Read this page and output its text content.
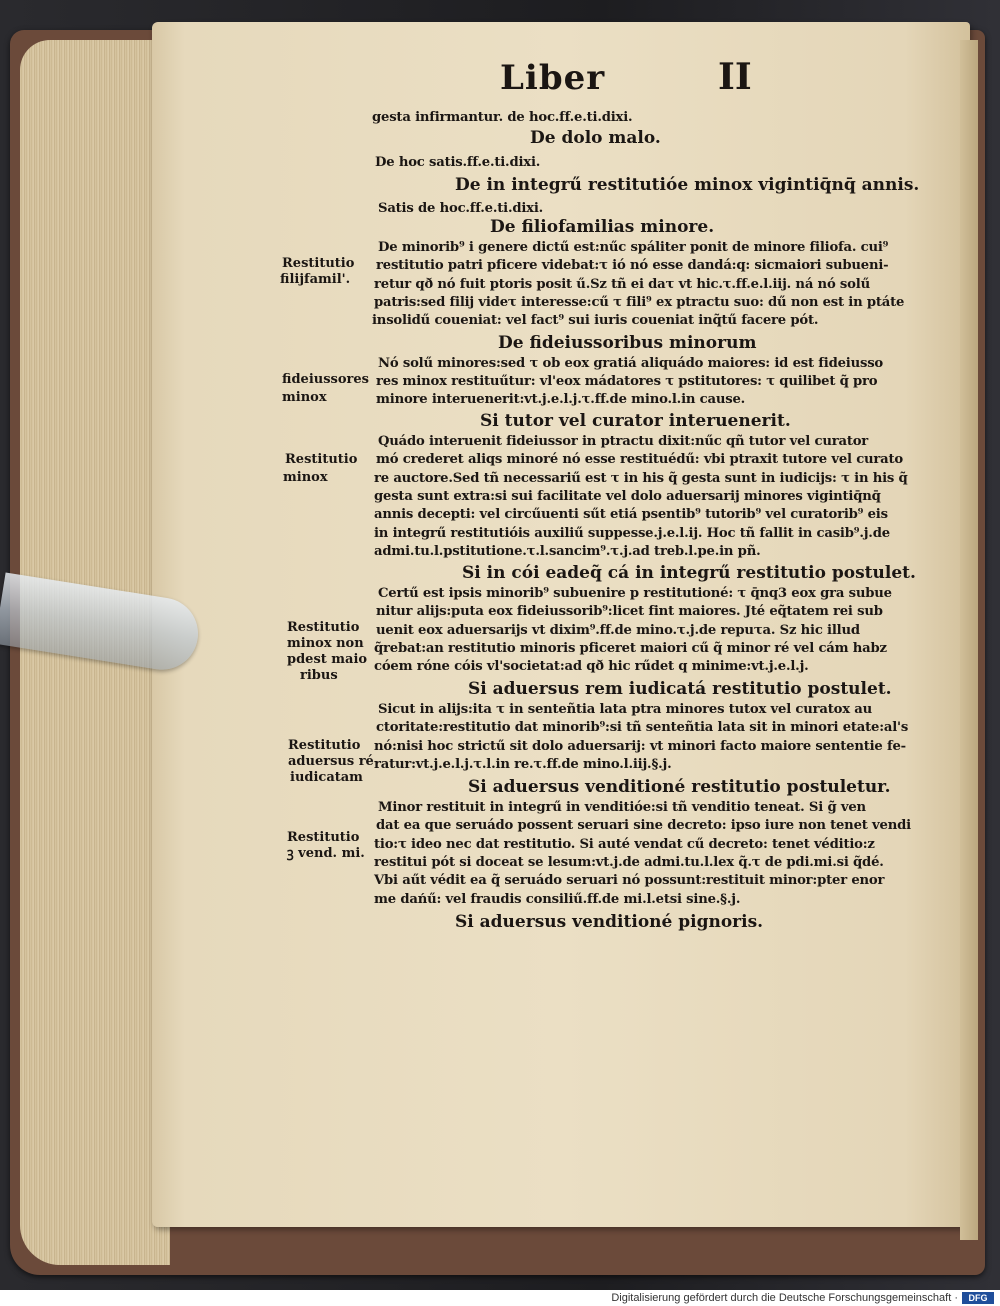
Liber	II
gesta infirmantur. de hoc.ff.e.ti.dixi.
De dolo malo.
De hoc satis.ff.e.ti.dixi.
De in integrű restitutióe minox vigintiq̄nq̄ annis.
Satis de hoc.ff.e.ti.dixi.
De filiofamilias minore.
De minorib⁹ i genere dictű est:nűc spáliter ponit de minore filiofa. cui⁹
restitutio patri pficere videbat:τ ió nó esse dandá:q: sicmaiori subueni-
retur qð nó fuit ptoris posit ű.Sz tñ ei daτ vt hic.τ.ff.e.l.iij. ná nó solű
patris:sed filij videτ interesse:cű τ fili⁹ ex ptractu suo: dű non est in ptáte
insolidű coueniat: vel fact⁹ sui iuris coueniat inq̃tű facere pót.
De fideiussoribus minorum
Nó solű minores:sed τ ob eox gratiá aliquádo maiores: id est fideiusso
res minox restituűtur: vl'eox mádatores τ pstitutores: τ quilibet q̃ pro
minore interuenerit:vt.j.e.l.j.τ.ff.de mino.l.in cause.
Si tutor vel curator interuenerit.
Quádo interuenit fideiussor in ptractu dixit:nűc qñ tutor vel curator
mó crederet aliqs minoré nó esse restituédű: vbi ptraxit tutore vel curato
re auctore.Sed tñ necessariű est τ in his q̃ gesta sunt in iudicijs: τ in his q̃
gesta sunt extra:si sui facilitate vel dolo aduersarij minores vigintiq̄nq̄
annis decepti: vel circűuenti sűt etiá psentib⁹ tutorib⁹ vel curatorib⁹ eis
in integrű restitutióis auxiliű suppesse.j.e.l.ij. Hoc tñ fallit in casib⁹.j.de
admi.tu.l.pstitutione.τ.l.sancim⁹.τ.j.ad treb.l.pe.in pñ.
Si in cói eadeq̃ cá in integrű restitutio postulet.
Certű est ipsis minorib⁹ subuenire p restitutioné: τ q̄nq3 eox gra subue
nitur alijs:puta eox fideiussorib⁹:licet fint maiores. Jté eq̃tatem rei sub
uenit eox aduersarijs vt dixim⁹.ff.de mino.τ.j.de repuτa. Sz hic illud
q̃rebat:an restitutio minoris pficeret maiori cű q̃ minor ré vel cám habz
cóem róne cóis vl'societat:ad qð hic rűdet q minime:vt.j.e.l.j.
Si aduersus rem iudicatá restitutio postulet.
Sicut in alijs:ita τ in senteñtia lata ptra minores tutox vel curatox au
ctoritate:restitutio dat minorib⁹:si tñ senteñtia lata sit in minori etate:al's
nó:nisi hoc strictű sit dolo aduersarij: vt minori facto maiore sententie fe-
ratur:vt.j.e.l.j.τ.l.in re.τ.ff.de mino.l.iij.§.j.
Si aduersus venditioné restitutio postuletur.
Minor restituit in integrű in venditióe:si tñ venditio teneat. Si g̃ ven
dat ea que seruádo possent seruari sine decreto: ipso iure non tenet vendi
tio:τ ideo nec dat restitutio. Si auté vendat cű decreto: tenet véditio:z
restitui pót si doceat se lesum:vt.j.de admi.tu.l.lex q̃.τ de pdi.mi.si q̃dé.
Vbi aűt védit ea q̃ seruádo seruari nó possunt:restituit minor:pter enor
me dańű: vel fraudis consiliű.ff.de mi.l.etsi sine.§.j.
Si aduersus venditioné pignoris.
Restitutio
filijfamil'.
fideiussores
minox
Restitutio
minox
Restitutio
minox non
pdest maio
ribus
Restitutio
aduersus ré
iudicatam
Restitutio
ꝫ vend. mi.
Digitalisierung gefördert durch die Deutsche Forschungsgemeinschaft ·	DFG
